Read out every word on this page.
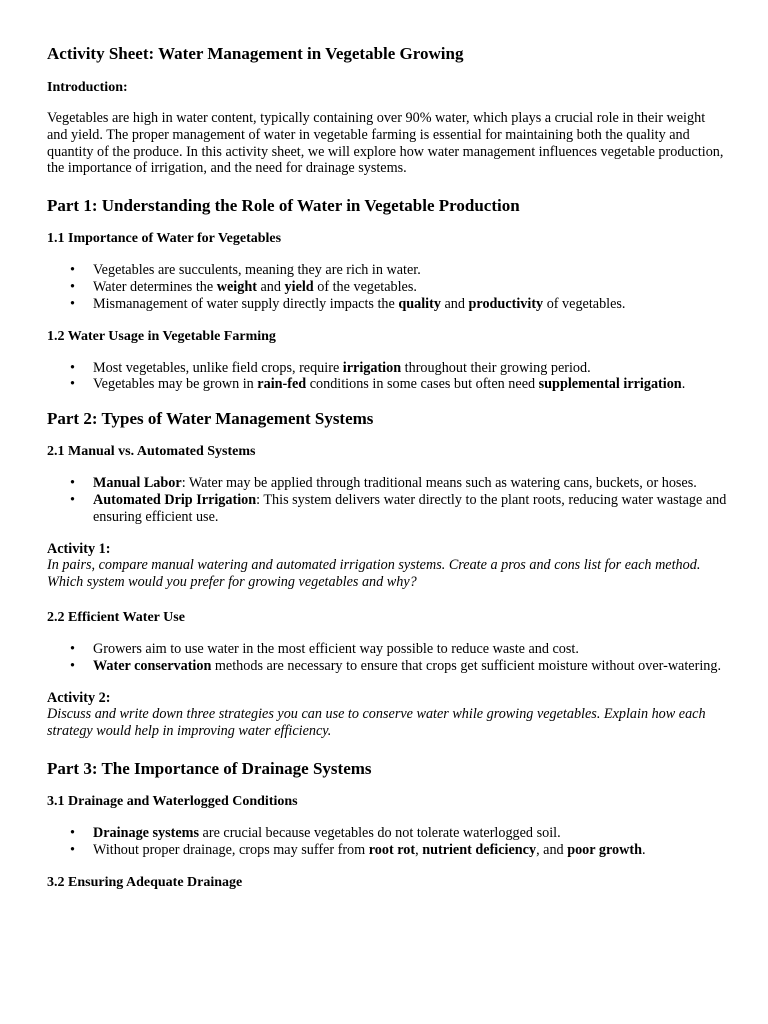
Activity Sheet: Water Management in Vegetable Growing
Introduction:

Vegetables are high in water content, typically containing over 90% water, which plays a crucial role in their weight and yield. The proper management of water in vegetable farming is essential for maintaining both the quality and quantity of the produce. In this activity sheet, we will explore how water management influences vegetable production, the importance of irrigation, and the need for drainage systems.

Part 1: Understanding the Role of Water in Vegetable Production
1.1 Importance of Water for Vegetables
• Vegetables are succulents, meaning they are rich in water.
• Water determines the weight and yield of the vegetables.
• Mismanagement of water supply directly impacts the quality and productivity of vegetables.
1.2 Water Usage in Vegetable Farming
• Most vegetables, unlike field crops, require irrigation throughout their growing period.
• Vegetables may be grown in rain-fed conditions in some cases but often need supplemental irrigation.
Part 2: Types of Water Management Systems
2.1 Manual vs. Automated Systems
• Manual Labor: Water may be applied through traditional means such as watering cans, buckets, or hoses.
• Automated Drip Irrigation: This system delivers water directly to the plant roots, reducing water wastage and ensuring efficient use.
Activity 1:
In pairs, compare manual watering and automated irrigation systems. Create a pros and cons list for each method. Which system would you prefer for growing vegetables and why?
2.2 Efficient Water Use
• Growers aim to use water in the most efficient way possible to reduce waste and cost.
• Water conservation methods are necessary to ensure that crops get sufficient moisture without over-watering.
Activity 2:
Discuss and write down three strategies you can use to conserve water while growing vegetables. Explain how each strategy would help in improving water efficiency.
Part 3: The Importance of Drainage Systems
3.1 Drainage and Waterlogged Conditions
• Drainage systems are crucial because vegetables do not tolerate waterlogged soil.
• Without proper drainage, crops may suffer from root rot, nutrient deficiency, and poor growth.
3.2 Ensuring Adequate Drainage
